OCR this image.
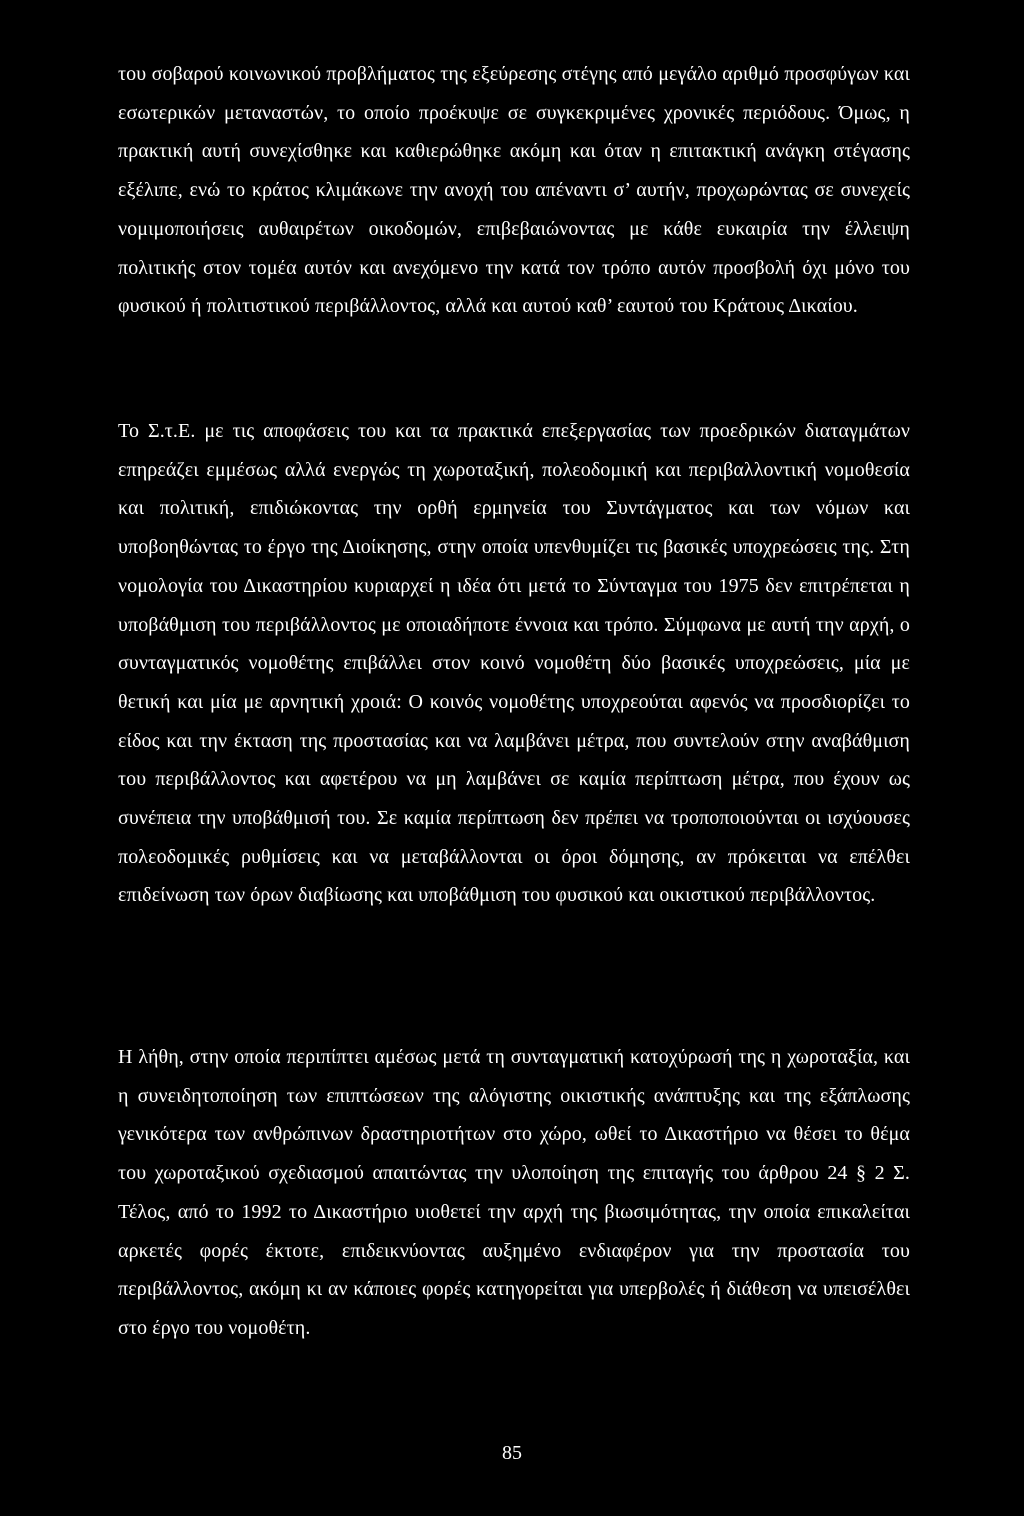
του σοβαρού κοινωνικού προβλήματος της εξεύρεσης στέγης από μεγάλο αριθμό προσφύγων και εσωτερικών μεταναστών, το οποίο προέκυψε σε συγκεκριμένες χρονικές περιόδους. Όμως, η πρακτική αυτή συνεχίσθηκε και καθιερώθηκε ακόμη και όταν η επιτακτική ανάγκη στέγασης εξέλιπε, ενώ το κράτος κλιμάκωνε την ανοχή του απέναντι σ’ αυτήν, προχωρώντας σε συνεχείς νομιμοποιήσεις αυθαιρέτων οικοδομών, επιβεβαιώνοντας με κάθε ευκαιρία την έλλειψη πολιτικής στον τομέα αυτόν και ανεχόμενο την κατά τον τρόπο αυτόν προσβολή όχι μόνο του φυσικού ή πολιτιστικού περιβάλλοντος, αλλά και αυτού καθ’ εαυτού του Κράτους Δικαίου.

Το Σ.τ.Ε. με τις αποφάσεις του και τα πρακτικά επεξεργασίας των προεδρικών διαταγμάτων επηρεάζει εμμέσως αλλά ενεργώς τη χωροταξική, πολεοδομική και περιβαλλοντική νομοθεσία και πολιτική, επιδιώκοντας την ορθή ερμηνεία του Συντάγματος και των νόμων και υποβοηθώντας το έργο της Διοίκησης, στην οποία υπενθυμίζει τις βασικές υποχρεώσεις της. Στη νομολογία του Δικαστηρίου κυριαρχεί η ιδέα ότι μετά το Σύνταγμα του 1975 δεν επιτρέπεται η υποβάθμιση του περιβάλλοντος με οποιαδήποτε έννοια και τρόπο. Σύμφωνα με αυτή την αρχή, ο συνταγματικός νομοθέτης επιβάλλει στον κοινό νομοθέτη δύο βασικές υποχρεώσεις, μία με θετική και μία με αρνητική χροιά: Ο κοινός νομοθέτης υποχρεούται αφενός να προσδιορίζει το είδος και την έκταση της προστασίας και να λαμβάνει μέτρα, που συντελούν στην αναβάθμιση του περιβάλλοντος και αφετέρου να μη λαμβάνει σε καμία περίπτωση μέτρα, που έχουν ως συνέπεια την υποβάθμισή του. Σε καμία περίπτωση δεν πρέπει να τροποποιούνται οι ισχύουσες πολεοδομικές ρυθμίσεις και να μεταβάλλονται οι όροι δόμησης, αν πρόκειται να επέλθει επιδείνωση των όρων διαβίωσης και υποβάθμιση του φυσικού και οικιστικού περιβάλλοντος.

Η λήθη, στην οποία περιπίπτει αμέσως μετά τη συνταγματική κατοχύρωσή της η χωροταξία, και η συνειδητοποίηση των επιπτώσεων της αλόγιστης οικιστικής ανάπτυξης και της εξάπλωσης γενικότερα των ανθρώπινων δραστηριοτήτων στο χώρο, ωθεί το Δικαστήριο να θέσει το θέμα του χωροταξικού σχεδιασμού απαιτώντας την υλοποίηση της επιταγής του άρθρου 24 § 2 Σ. Τέλος, από το 1992 το Δικαστήριο υιοθετεί την αρχή της βιωσιμότητας, την οποία επικαλείται αρκετές φορές έκτοτε, επιδεικνύοντας αυξημένο ενδιαφέρον για την προστασία του περιβάλλοντος, ακόμη κι αν κάποιες φορές κατηγορείται για υπερβολές ή διάθεση να υπεισέλθει στο έργο του νομοθέτη.

85
